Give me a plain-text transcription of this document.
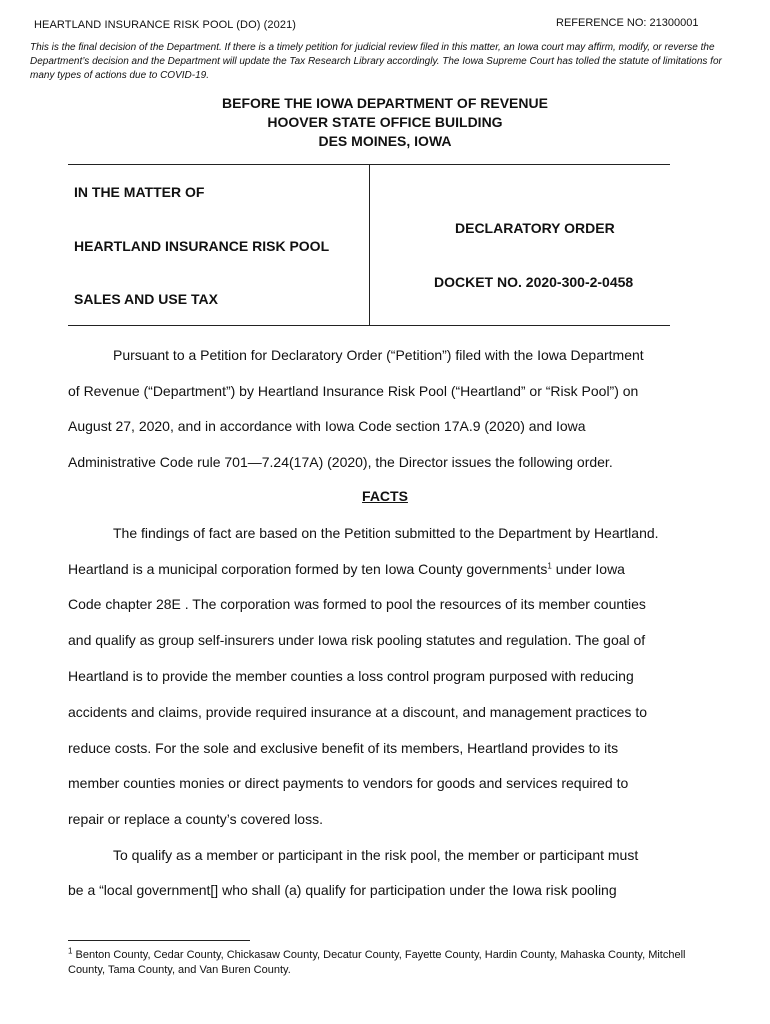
HEARTLAND INSURANCE RISK POOL (DO) (2021)	REFERENCE NO: 21300001
This is the final decision of the Department. If there is a timely petition for judicial review filed in this matter, an Iowa court may affirm, modify, or reverse the Department’s decision and the Department will update the Tax Research Library accordingly. The Iowa Supreme Court has tolled the statute of limitations for many types of actions due to COVID-19.
BEFORE THE IOWA DEPARTMENT OF REVENUE
HOOVER STATE OFFICE BUILDING
DES MOINES, IOWA
IN THE MATTER OF
HEARTLAND INSURANCE RISK POOL
SALES AND USE TAX
DECLARATORY ORDER
DOCKET NO. 2020-300-2-0458
Pursuant to a Petition for Declaratory Order (“Petition”) filed with the Iowa Department
of Revenue (“Department”) by Heartland Insurance Risk Pool (“Heartland” or “Risk Pool”) on
August 27, 2020, and in accordance with Iowa Code section 17A.9 (2020) and Iowa
Administrative Code rule 701—7.24(17A) (2020), the Director issues the following order.
FACTS
The findings of fact are based on the Petition submitted to the Department by Heartland.
Heartland is a municipal corporation formed by ten Iowa County governments$^1$ under Iowa
Code chapter 28E . The corporation was formed to pool the resources of its member counties
and qualify as group self-insurers under Iowa risk pooling statutes and regulation. The goal of
Heartland is to provide the member counties a loss control program purposed with reducing
accidents and claims, provide required insurance at a discount, and management practices to
reduce costs. For the sole and exclusive benefit of its members, Heartland provides to its
member counties monies or direct payments to vendors for goods and services required to
repair or replace a county’s covered loss.
To qualify as a member or participant in the risk pool, the member or participant must
be a “local government[] who shall (a) qualify for participation under the Iowa risk pooling
$^1$ Benton County, Cedar County, Chickasaw County, Decatur County, Fayette County, Hardin County, Mahaska County, Mitchell County, Tama County, and Van Buren County.
